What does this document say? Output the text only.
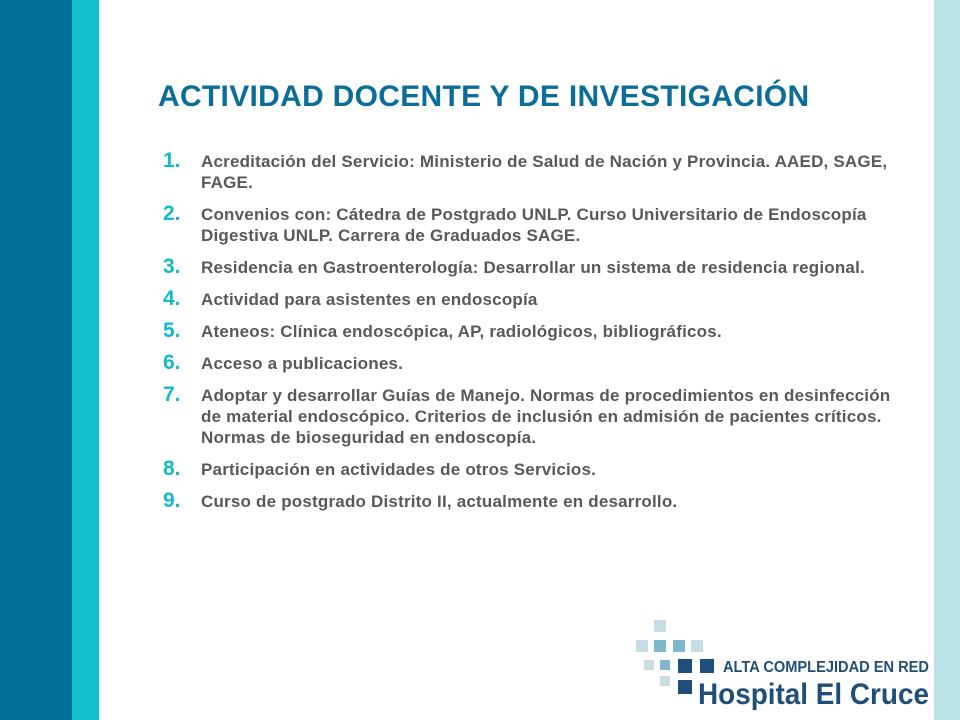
ACTIVIDAD DOCENTE Y DE INVESTIGACIÓN
1.	Acreditación del Servicio: Ministerio de Salud de Nación y Provincia. AAED, SAGE, FAGE.
2.	Convenios con: Cátedra de Postgrado UNLP. Curso Universitario de Endoscopía Digestiva UNLP. Carrera de Graduados SAGE.
3.	Residencia en Gastroenterología: Desarrollar un sistema de residencia regional.
4.	Actividad para asistentes en endoscopía
5.	Ateneos: Clínica endoscópica, AP, radiológicos, bibliográficos.
6.	Acceso a publicaciones.
7.	Adoptar y desarrollar Guías de Manejo. Normas de procedimientos en desinfección de material endoscópico. Criterios de inclusión en admisión de pacientes críticos. Normas de bioseguridad en endoscopía.
8.	Participación en actividades de otros Servicios.
9.	Curso de postgrado Distrito II, actualmente en desarrollo.
ALTA COMPLEJIDAD EN RED
Hospital El Cruce
